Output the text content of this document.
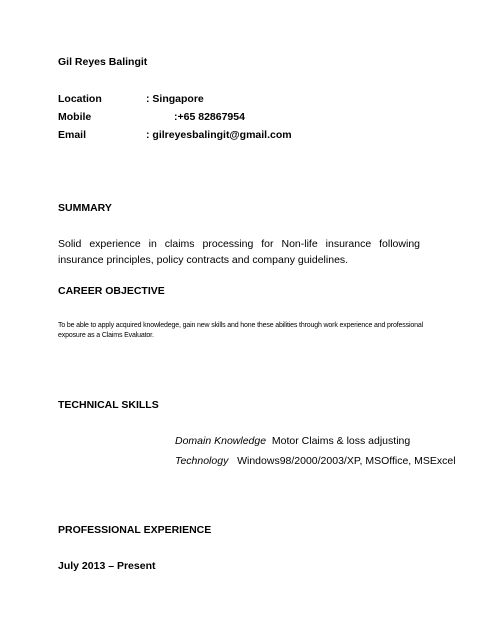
Gil Reyes Balingit
Location	: Singapore
Mobile	:+65 82867954
Email	: gilreyesbalingit@gmail.com
SUMMARY
Solid experience in claims processing for Non-life insurance following insurance principles, policy contracts and company guidelines.
CAREER OBJECTIVE
To be able to apply acquired knowledege, gain new skills and hone these abilities through work experience and professional exposure as a Claims Evaluator.
TECHNICAL SKILLS
Domain Knowledge Motor Claims & loss adjusting
Technology Windows98/2000/2003/XP, MSOffice, MSExcel
PROFESSIONAL EXPERIENCE
July 2013 – Present
